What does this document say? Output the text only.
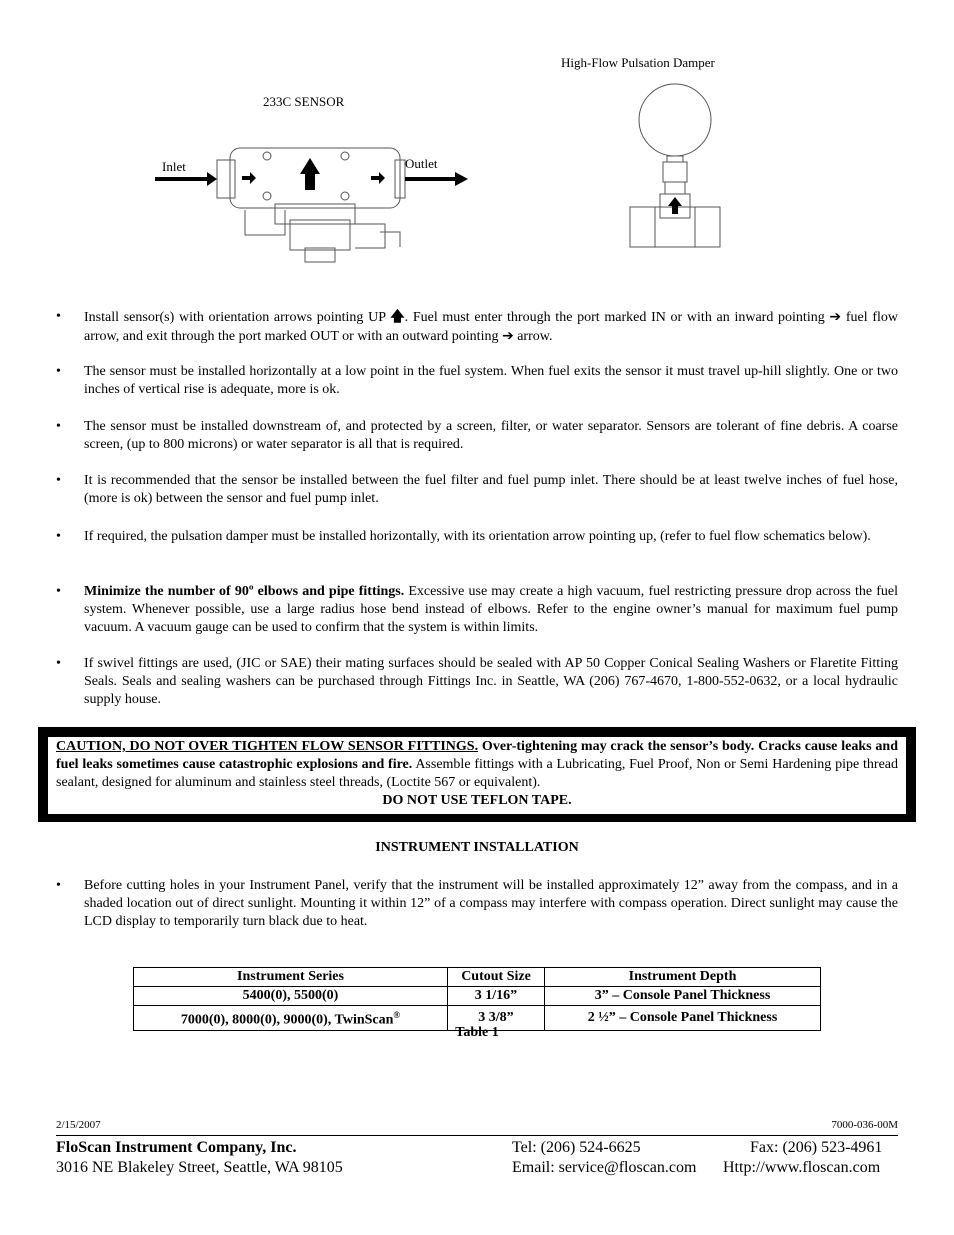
233C SENSOR
Inlet	Outlet
High-Flow Pulsation Damper
• Install sensor(s) with orientation arrows pointing UP 🡅. Fuel must enter through the port marked IN or with an inward pointing ➔ fuel flow arrow, and exit through the port marked OUT or with an outward pointing ➔ arrow.
• The sensor must be installed horizontally at a low point in the fuel system. When fuel exits the sensor it must travel up-hill slightly. One or two inches of vertical rise is adequate, more is ok.
• The sensor must be installed downstream of, and protected by a screen, filter, or water separator. Sensors are tolerant of fine debris. A coarse screen, (up to 800 microns) or water separator is all that is required.
• It is recommended that the sensor be installed between the fuel filter and fuel pump inlet. There should be at least twelve inches of fuel hose, (more is ok) between the sensor and fuel pump inlet.
• If required, the pulsation damper must be installed horizontally, with its orientation arrow pointing up, (refer to fuel flow schematics below).
• Minimize the number of 90º elbows and pipe fittings. Excessive use may create a high vacuum, fuel restricting pressure drop across the fuel system. Whenever possible, use a large radius hose bend instead of elbows. Refer to the engine owner’s manual for maximum fuel pump vacuum. A vacuum gauge can be used to confirm that the system is within limits.
• If swivel fittings are used, (JIC or SAE) their mating surfaces should be sealed with AP 50 Copper Conical Sealing Washers or Flaretite Fitting Seals. Seals and sealing washers can be purchased through Fittings Inc. in Seattle, WA (206) 767-4670, 1-800-552-0632, or a local hydraulic supply house.
CAUTION, DO NOT OVER TIGHTEN FLOW SENSOR FITTINGS. Over-tightening may crack the sensor’s body. Cracks cause leaks and fuel leaks sometimes cause catastrophic explosions and fire. Assemble fittings with a Lubricating, Fuel Proof, Non or Semi Hardening pipe thread sealant, designed for aluminum and stainless steel threads, (Loctite 567 or equivalent).
DO NOT USE TEFLON TAPE.
INSTRUMENT INSTALLATION
• Before cutting holes in your Instrument Panel, verify that the instrument will be installed approximately 12” away from the compass, and in a shaded location out of direct sunlight. Mounting it within 12” of a compass may interfere with compass operation. Direct sunlight may cause the LCD display to temporarily turn black due to heat.
Instrument Series	Cutout Size	Instrument Depth
5400(0), 5500(0)	3 1/16”	3” – Console Panel Thickness
7000(0), 8000(0), 9000(0), TwinScan®	3 3/8”	2 ½” – Console Panel Thickness
Table 1
2/15/2007	7000-036-00M
FloScan Instrument Company, Inc.
3016 NE Blakeley Street, Seattle, WA 98105
Tel: (206) 524-6625	Fax: (206) 523-4961
Email: service@floscan.com Http://www.floscan.com
